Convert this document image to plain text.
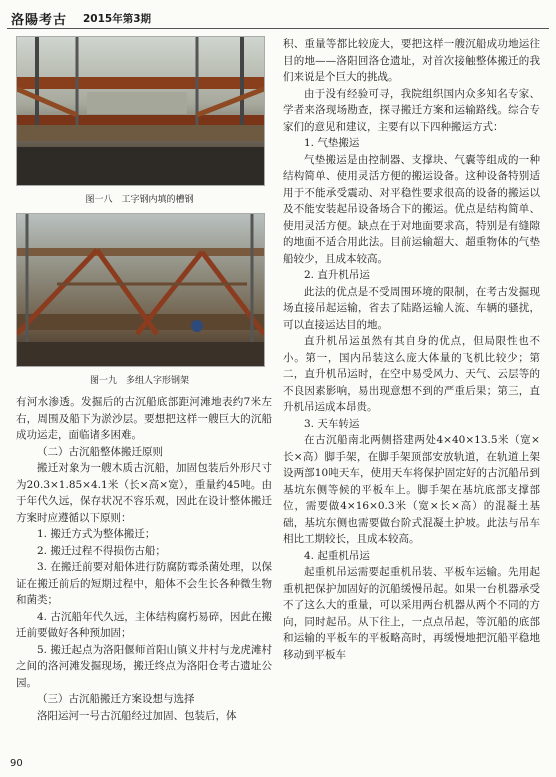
洛陽考古 2015年第3期
图一八　工字钢内填的槽钢
图一九　多组人字形钢架

有河水渗透。发掘后的古沉船底部距河滩地表约7米左右，周围及船下为淤沙层。要想把这样一艘巨大的沉船成功运走，面临诸多困难。

（二）古沉船整体搬迁原则

搬迁对象为一艘木质古沉船，加固包装后外形尺寸为20.3×1.85×4.1米（长×高×宽），重量约45吨。由于年代久远，保存状况不容乐观，因此在设计整体搬迁方案时应遵循以下原则：

1. 搬迁方式为整体搬迁；

2. 搬迁过程不得损伤古船；

3. 在搬迁前要对船体进行防腐防霉杀菌处理，以保证在搬迁前后的短期过程中，船体不会生长各种微生物和菌类；

4. 古沉船年代久远，主体结构腐朽易碎，因此在搬迁前要做好各种预加固；

5. 搬迁起点为洛阳偃师首阳山镇义井村与龙虎滩村之间的洛河滩发掘现场，搬迁终点为洛阳仓考古遗址公园。

（三）古沉船搬迁方案设想与选择

洛阳运河一号古沉船经过加固、包装后，体

积、重量等都比较庞大，要把这样一艘沉船成功地运往目的地——洛阳回洛仓遗址，对首次接触整体搬迁的我们来说是个巨大的挑战。

由于没有经验可寻，我院组织国内众多知名专家、学者来洛现场勘查，探寻搬迁方案和运输路线。综合专家们的意见和建议，主要有以下四种搬运方式：

1. 气垫搬运

气垫搬运是由控制器、支撑块、气囊等组成的一种结构简单、使用灵活方便的搬运设备。这种设备特别适用于不能承受震动、对平稳性要求很高的设备的搬运以及不能安装起吊设备场合下的搬运。优点是结构简单、使用灵活方便。缺点在于对地面要求高，特别是有缝隙的地面不适合用此法。目前运输超大、超重物体的气垫船较少，且成本较高。

2. 直升机吊运

此法的优点是不受周围环境的限制，在考古发掘现场直接吊起运输，省去了陆路运输人流、车辆的骚扰，可以直接运达目的地。

直升机吊运虽然有其自身的优点，但局限性也不小。第一，国内吊装这么庞大体量的飞机比较少；第二，直升机吊运时，在空中易受风力、天气、云层等的不良因素影响，易出现意想不到的严重后果；第三，直升机吊运成本昂贵。

3. 天车转运

在古沉船南北两侧搭建两处4×40×13.5米（宽×长×高）脚手架，在脚手架顶部安放轨道，在轨道上架设两部10吨天车，使用天车将保护固定好的古沉船吊到基坑东侧等候的平板车上。脚手架在基坑底部支撑部位，需要做4×16×0.3米（宽×长×高）的混凝土基础，基坑东侧也需要做台阶式混凝土护坡。此法与吊车相比工期较长，且成本较高。

4. 起重机吊运

起重机吊运需要起重机吊装、平板车运输。先用起重机把保护加固好的沉船缓慢吊起。如果一台机器承受不了这么大的重量，可以采用两台机器从两个不同的方向，同时起吊。从下往上，一点点吊起，等沉船的底部和运输的平板车的平板略高时，再缓慢地把沉船平稳地移动到平板车

90
